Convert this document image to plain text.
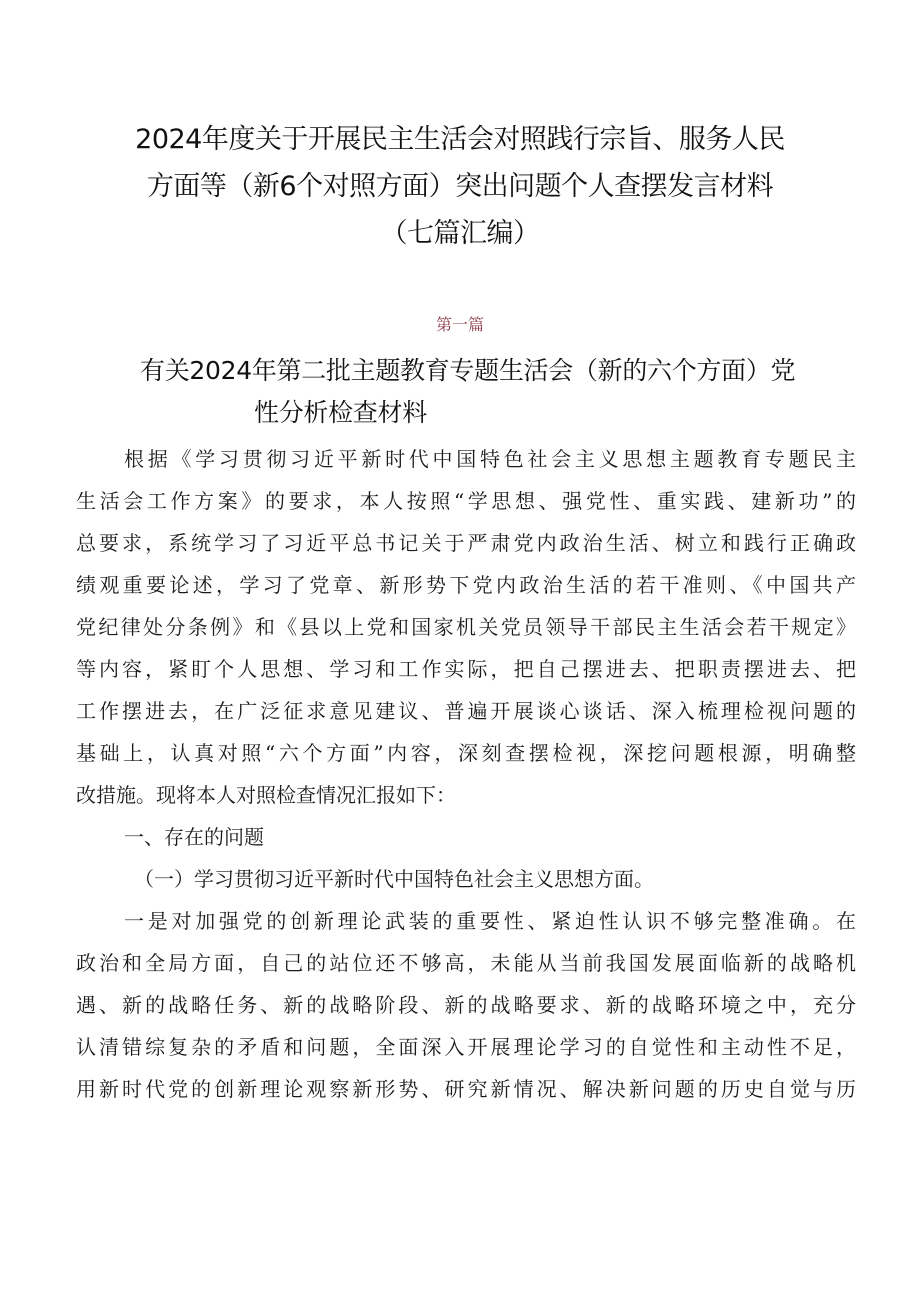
2024年度关于开展民主生活会对照践行宗旨、服务人民
方面等（新6个对照方面）突出问题个人查摆发言材料
（七篇汇编）
第一篇
有关2024年第二批主题教育专题生活会（新的六个方面）党
性分析检查材料
根据《学习贯彻习近平新时代中国特色社会主义思想主题教育专题民主
生活会工作方案》的要求，本人按照“学思想、强党性、重实践、建新功”的
总要求，系统学习了习近平总书记关于严肃党内政治生活、树立和践行正确政
绩观重要论述，学习了党章、新形势下党内政治生活的若干准则、《中国共产
党纪律处分条例》和《县以上党和国家机关党员领导干部民主生活会若干规定》
等内容，紧盯个人思想、学习和工作实际，把自己摆进去、把职责摆进去、把
工作摆进去，在广泛征求意见建议、普遍开展谈心谈话、深入梳理检视问题的
基础上，认真对照“六个方面”内容，深刻查摆检视，深挖问题根源，明确整
改措施。现将本人对照检查情况汇报如下：
一、存在的问题
（一）学习贯彻习近平新时代中国特色社会主义思想方面。
一是对加强党的创新理论武装的重要性、紧迫性认识不够完整准确。在
政治和全局方面，自己的站位还不够高，未能从当前我国发展面临新的战略机
遇、新的战略任务、新的战略阶段、新的战略要求、新的战略环境之中，充分
认清错综复杂的矛盾和问题，全面深入开展理论学习的自觉性和主动性不足，
用新时代党的创新理论观察新形势、研究新情况、解决新问题的历史自觉与历
